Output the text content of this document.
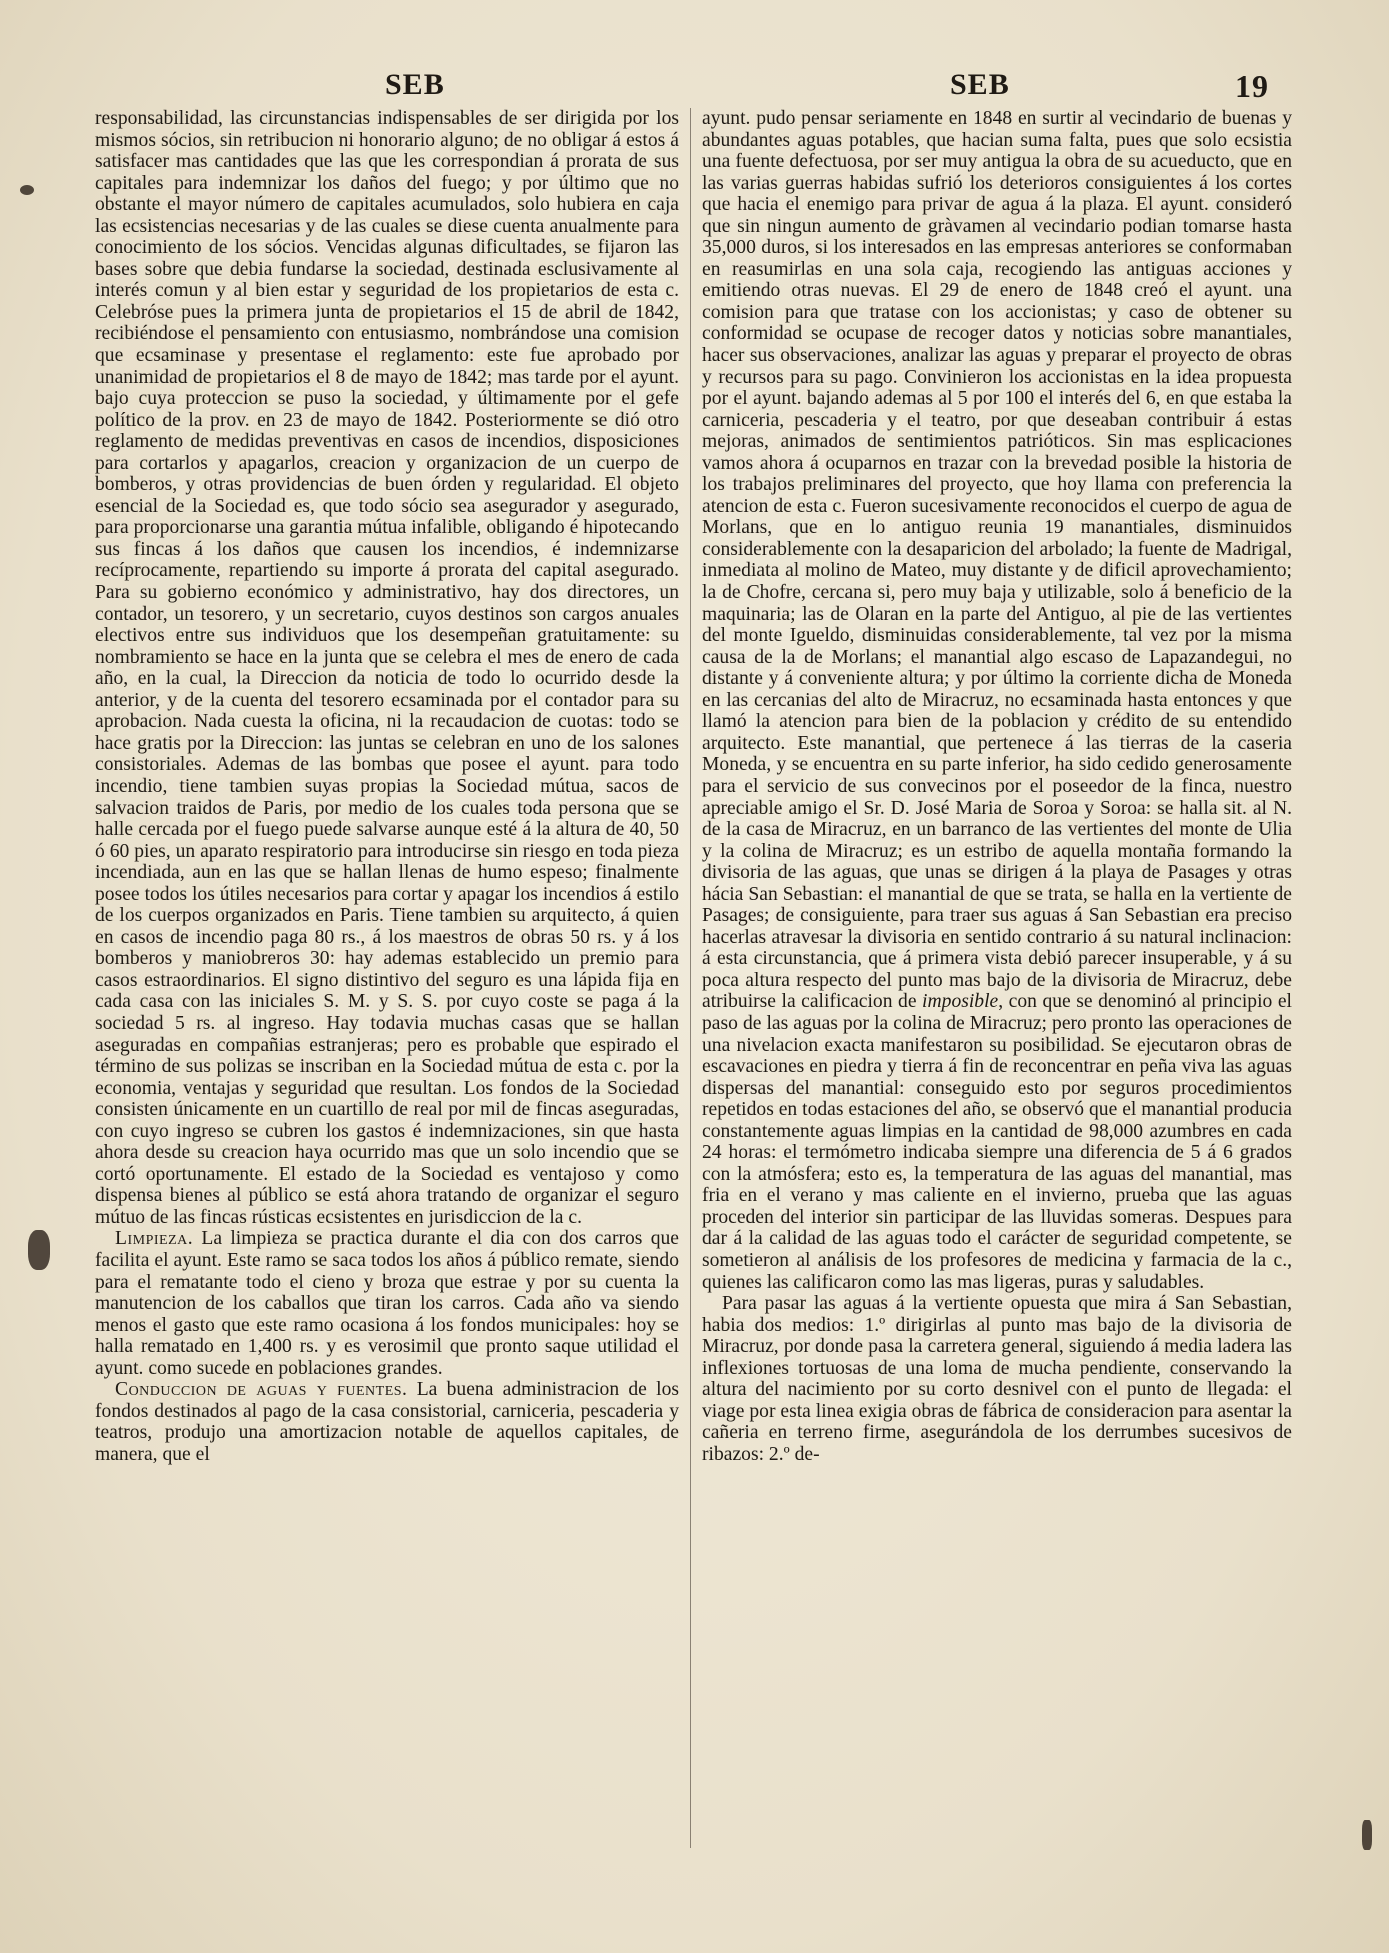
SEB	SEB	19

responsabilidad, las circunstancias indispensables de ser dirigida por los mismos sócios, sin retribucion ni honorario alguno; de no obligar á estos á satisfacer mas cantidades que las que les correspondian á prorata de sus capitales para indemnizar los daños del fuego; y por último que no obstante el mayor número de capitales acumulados, solo hubiera en caja las ecsistencias necesarias y de las cuales se diese cuenta anualmente para conocimiento de los sócios. Vencidas algunas dificultades, se fijaron las bases sobre que debia fundarse la sociedad, destinada esclusivamente al interés comun y al bien estar y seguridad de los propietarios de esta c. Celebróse pues la primera junta de propietarios el 15 de abril de 1842, recibiéndose el pensamiento con entusiasmo, nombrándose una comision que ecsaminase y presentase el reglamento: este fue aprobado por unanimidad de propietarios el 8 de mayo de 1842; mas tarde por el ayunt. bajo cuya proteccion se puso la sociedad, y últimamente por el gefe político de la prov. en 23 de mayo de 1842. Posteriormente se dió otro reglamento de medidas preventivas en casos de incendios, disposiciones para cortarlos y apagarlos, creacion y organizacion de un cuerpo de bomberos, y otras providencias de buen órden y regularidad. El objeto esencial de la Sociedad es, que todo sócio sea asegurador y asegurado, para proporcionarse una garantia mútua infalible, obligando é hipotecando sus fincas á los daños que causen los incendios, é indemnizarse recíprocamente, repartiendo su importe á prorata del capital asegurado. Para su gobierno económico y administrativo, hay dos directores, un contador, un tesorero, y un secretario, cuyos destinos son cargos anuales electivos entre sus individuos que los desempeñan gratuitamente: su nombramiento se hace en la junta que se celebra el mes de enero de cada año, en la cual, la Direccion da noticia de todo lo ocurrido desde la anterior, y de la cuenta del tesorero ecsaminada por el contador para su aprobacion. Nada cuesta la oficina, ni la recaudacion de cuotas: todo se hace gratis por la Direccion: las juntas se celebran en uno de los salones consistoriales. Ademas de las bombas que posee el ayunt. para todo incendio, tiene tambien suyas propias la Sociedad mútua, sacos de salvacion traidos de Paris, por medio de los cuales toda persona que se halle cercada por el fuego puede salvarse aunque esté á la altura de 40, 50 ó 60 pies, un aparato respiratorio para introducirse sin riesgo en toda pieza incendiada, aun en las que se hallan llenas de humo espeso; finalmente posee todos los útiles necesarios para cortar y apagar los incendios á estilo de los cuerpos organizados en Paris. Tiene tambien su arquitecto, á quien en casos de incendio paga 80 rs., á los maestros de obras 50 rs. y á los bomberos y maniobreros 30: hay ademas establecido un premio para casos estraordinarios. El signo distintivo del seguro es una lápida fija en cada casa con las iniciales S. M. y S. S. por cuyo coste se paga á la sociedad 5 rs. al ingreso. Hay todavia muchas casas que se hallan aseguradas en compañias estranjeras; pero es probable que espirado el término de sus polizas se inscriban en la Sociedad mútua de esta c. por la economia, ventajas y seguridad que resultan. Los fondos de la Sociedad consisten únicamente en un cuartillo de real por mil de fincas aseguradas, con cuyo ingreso se cubren los gastos é indemnizaciones, sin que hasta ahora desde su creacion haya ocurrido mas que un solo incendio que se cortó oportunamente. El estado de la Sociedad es ventajoso y como dispensa bienes al público se está ahora tratando de organizar el seguro mútuo de las fincas rústicas ecsistentes en jurisdiccion de la c.

Limpieza. La limpieza se practica durante el dia con dos carros que facilita el ayunt. Este ramo se saca todos los años á público remate, siendo para el rematante todo el cieno y broza que estrae y por su cuenta la manutencion de los caballos que tiran los carros. Cada año va siendo menos el gasto que este ramo ocasiona á los fondos municipales: hoy se halla rematado en 1,400 rs. y es verosimil que pronto saque utilidad el ayunt. como sucede en poblaciones grandes.

Conduccion de aguas y fuentes. La buena administracion de los fondos destinados al pago de la casa consistorial, carniceria, pescaderia y teatros, produjo una amortizacion notable de aquellos capitales, de manera, que el

ayunt. pudo pensar seriamente en 1848 en surtir al vecindario de buenas y abundantes aguas potables, que hacian suma falta, pues que solo ecsistia una fuente defectuosa, por ser muy antigua la obra de su acueducto, que en las varias guerras habidas sufrió los deterioros consiguientes á los cortes que hacia el enemigo para privar de agua á la plaza. El ayunt. consideró que sin ningun aumento de gràvamen al vecindario podian tomarse hasta 35,000 duros, si los interesados en las empresas anteriores se conformaban en reasumirlas en una sola caja, recogiendo las antiguas acciones y emitiendo otras nuevas. El 29 de enero de 1848 creó el ayunt. una comision para que tratase con los accionistas; y caso de obtener su conformidad se ocupase de recoger datos y noticias sobre manantiales, hacer sus observaciones, analizar las aguas y preparar el proyecto de obras y recursos para su pago. Convinieron los accionistas en la idea propuesta por el ayunt. bajando ademas al 5 por 100 el interés del 6, en que estaba la carniceria, pescaderia y el teatro, por que deseaban contribuir á estas mejoras, animados de sentimientos patrióticos. Sin mas esplicaciones vamos ahora á ocuparnos en trazar con la brevedad posible la historia de los trabajos preliminares del proyecto, que hoy llama con preferencia la atencion de esta c. Fueron sucesivamente reconocidos el cuerpo de agua de Morlans, que en lo antiguo reunia 19 manantiales, disminuidos considerablemente con la desaparicion del arbolado; la fuente de Madrigal, inmediata al molino de Mateo, muy distante y de dificil aprovechamiento; la de Chofre, cercana si, pero muy baja y utilizable, solo á beneficio de la maquinaria; las de Olaran en la parte del Antiguo, al pie de las vertientes del monte Igueldo, disminuidas considerablemente, tal vez por la misma causa de la de Morlans; el manantial algo escaso de Lapazandegui, no distante y á conveniente altura; y por último la corriente dicha de Moneda en las cercanias del alto de Miracruz, no ecsaminada hasta entonces y que llamó la atencion para bien de la poblacion y crédito de su entendido arquitecto. Este manantial, que pertenece á las tierras de la caseria Moneda, y se encuentra en su parte inferior, ha sido cedido generosamente para el servicio de sus convecinos por el poseedor de la finca, nuestro apreciable amigo el Sr. D. José Maria de Soroa y Soroa: se halla sit. al N. de la casa de Miracruz, en un barranco de las vertientes del monte de Ulia y la colina de Miracruz; es un estribo de aquella montaña formando la divisoria de las aguas, que unas se dirigen á la playa de Pasages y otras hácia San Sebastian: el manantial de que se trata, se halla en la vertiente de Pasages; de consiguiente, para traer sus aguas á San Sebastian era preciso hacerlas atravesar la divisoria en sentido contrario á su natural inclinacion: á esta circunstancia, que á primera vista debió parecer insuperable, y á su poca altura respecto del punto mas bajo de la divisoria de Miracruz, debe atribuirse la calificacion de imposible, con que se denominó al principio el paso de las aguas por la colina de Miracruz; pero pronto las operaciones de una nivelacion exacta manifestaron su posibilidad. Se ejecutaron obras de escavaciones en piedra y tierra á fin de reconcentrar en peña viva las aguas dispersas del manantial: conseguido esto por seguros procedimientos repetidos en todas estaciones del año, se observó que el manantial producia constantemente aguas limpias en la cantidad de 98,000 azumbres en cada 24 horas: el termómetro indicaba siempre una diferencia de 5 á 6 grados con la atmósfera; esto es, la temperatura de las aguas del manantial, mas fria en el verano y mas caliente en el invierno, prueba que las aguas proceden del interior sin participar de las lluvidas someras. Despues para dar á la calidad de las aguas todo el carácter de seguridad competente, se sometieron al análisis de los profesores de medicina y farmacia de la c., quienes las calificaron como las mas ligeras, puras y saludables.

Para pasar las aguas á la vertiente opuesta que mira á San Sebastian, habia dos medios: 1.º dirigirlas al punto mas bajo de la divisoria de Miracruz, por donde pasa la carretera general, siguiendo á media ladera las inflexiones tortuosas de una loma de mucha pendiente, conservando la altura del nacimiento por su corto desnivel con el punto de llegada: el viage por esta linea exigia obras de fábrica de consideracion para asentar la cañeria en terreno firme, asegurándola de los derrumbes sucesivos de ribazos: 2.º de-
